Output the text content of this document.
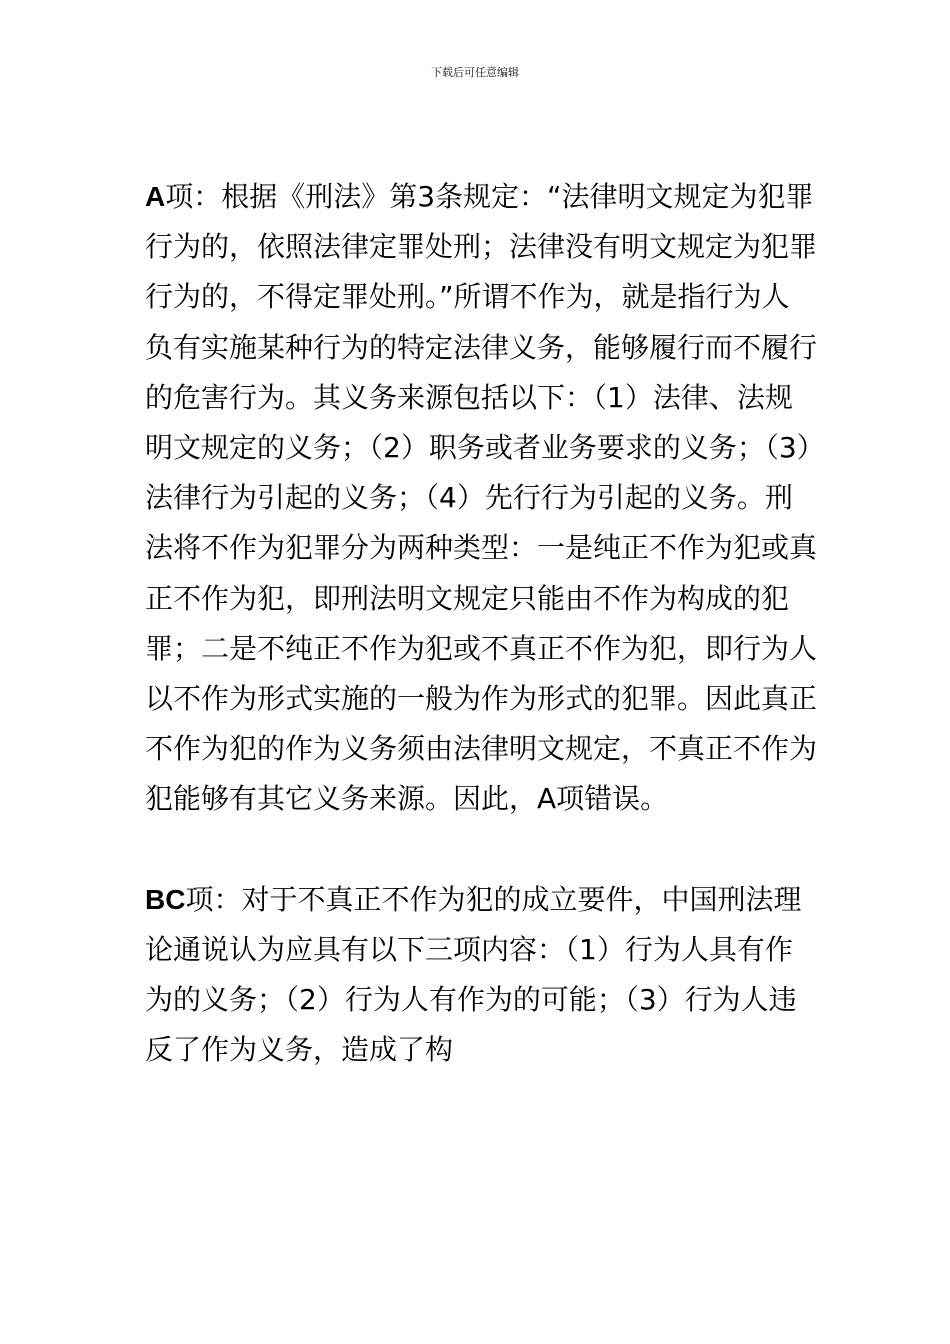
下载后可任意编辑

A项：根据《刑法》第3条规定：“法律明文规定为犯罪行为的，依照法律定罪处刑；法律没有明文规定为犯罪行为的，不得定罪处刑。”所谓不作为，就是指行为人负有实施某种行为的特定法律义务，能够履行而不履行的危害行为。其义务来源包括以下：（1）法律、法规明文规定的义务；（2）职务或者业务要求的义务；（3）法律行为引起的义务；（4）先行行为引起的义务。刑法将不作为犯罪分为两种类型：一是纯正不作为犯或真正不作为犯，即刑法明文规定只能由不作为构成的犯罪；二是不纯正不作为犯或不真正不作为犯，即行为人以不作为形式实施的一般为作为形式的犯罪。因此真正不作为犯的作为义务须由法律明文规定，不真正不作为犯能够有其它义务来源。因此，A项错误。

BC项：对于不真正不作为犯的成立要件，中国刑法理论通说认为应具有以下三项内容：（1）行为人具有作为的义务；（2）行为人有作为的可能；（3）行为人违反了作为义务，造成了构
